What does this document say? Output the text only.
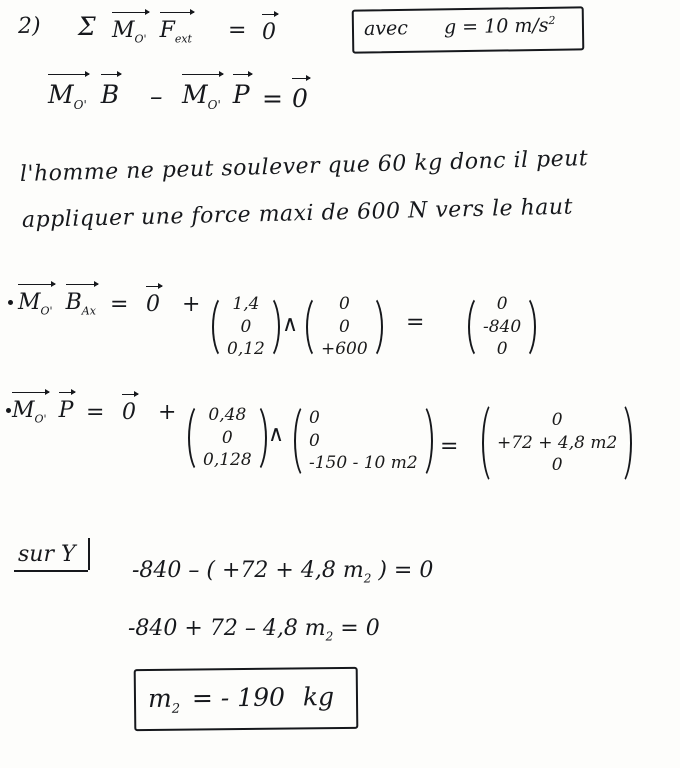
2) Σ $M_{O'}$ $F_{ext} = 0$	avec g = 10 $m/s^2$
$M_{O'}$ B – $M_{O'}$ P = 0
l'homme ne peut soulever que 60 kg donc il peut
appliquer une force maxi de 600 N vers le haut
$M_{O'}$ $B_{Ax} = 0 + 1,4$
0
0,12
∧
0
0
+600
=
0
-840
0
$M_{O'}$ P = 0 + 0,48
0
0,128
∧
0
0
-150 - 10 m2
=
0
+72 + 4,8 m2
0
sur Y
-840 – ( +72 + 4,8 $m_2$ ) = 0
-840 + 72 – 4,8 $m_2 = 0$
$m_2$ = - 190 kg
